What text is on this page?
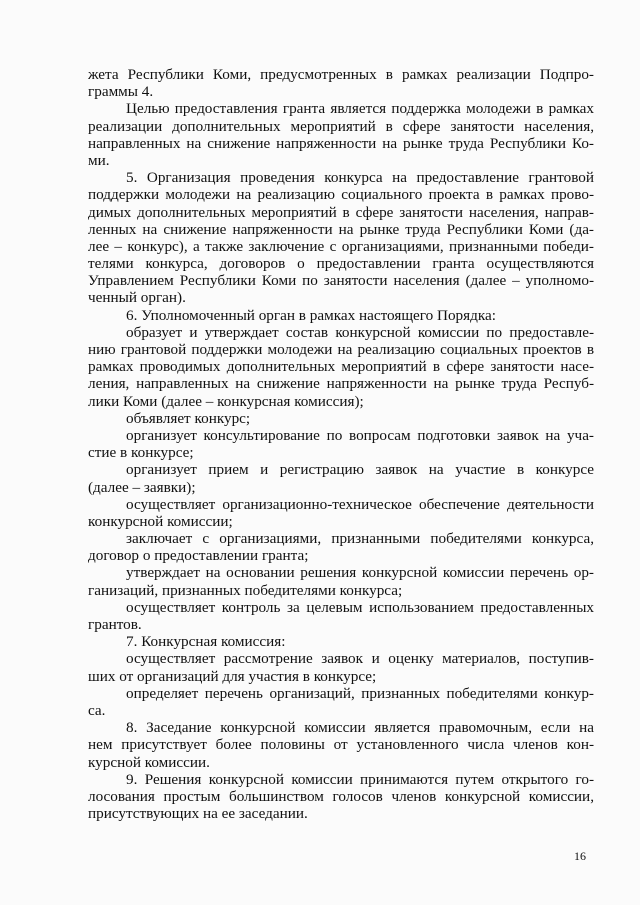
жета Республики Коми, предусмотренных в рамках реализации Подпро-
граммы 4.
Целью предоставления гранта является поддержка молодежи в рамках
реализации дополнительных мероприятий в сфере занятости населения,
направленных на снижение напряженности на рынке труда Республики Ко-
ми.
5. Организация проведения конкурса на предоставление грантовой
поддержки молодежи на реализацию социального проекта в рамках прово-
димых дополнительных мероприятий в сфере занятости населения, направ-
ленных на снижение напряженности на рынке труда Республики Коми (да-
лее – конкурс), а также заключение с организациями, признанными победи-
телями конкурса, договоров о предоставлении гранта осуществляются
Управлением Республики Коми по занятости населения (далее – уполномо-
ченный орган).
6. Уполномоченный орган в рамках настоящего Порядка:
образует и утверждает состав конкурсной комиссии по предоставле-
нию грантовой поддержки молодежи на реализацию социальных проектов в
рамках проводимых дополнительных мероприятий в сфере занятости насе-
ления, направленных на снижение напряженности на рынке труда Респуб-
лики Коми (далее – конкурсная комиссия);
объявляет конкурс;
организует консультирование по вопросам подготовки заявок на уча-
стие в конкурсе;
организует прием и регистрацию заявок на участие в конкурсе
(далее – заявки);
осуществляет организационно-техническое обеспечение деятельности
конкурсной комиссии;
заключает с организациями, признанными победителями конкурса,
договор о предоставлении гранта;
утверждает на основании решения конкурсной комиссии перечень ор-
ганизаций, признанных победителями конкурса;
осуществляет контроль за целевым использованием предоставленных
грантов.
7. Конкурсная комиссия:
осуществляет рассмотрение заявок и оценку материалов, поступив-
ших от организаций для участия в конкурсе;
определяет перечень организаций, признанных победителями конкур-
са.
8. Заседание конкурсной комиссии является правомочным, если на
нем присутствует более половины от установленного числа членов кон-
курсной комиссии.
9. Решения конкурсной комиссии принимаются путем открытого го-
лосования простым большинством голосов членов конкурсной комиссии,
присутствующих на ее заседании.
16
